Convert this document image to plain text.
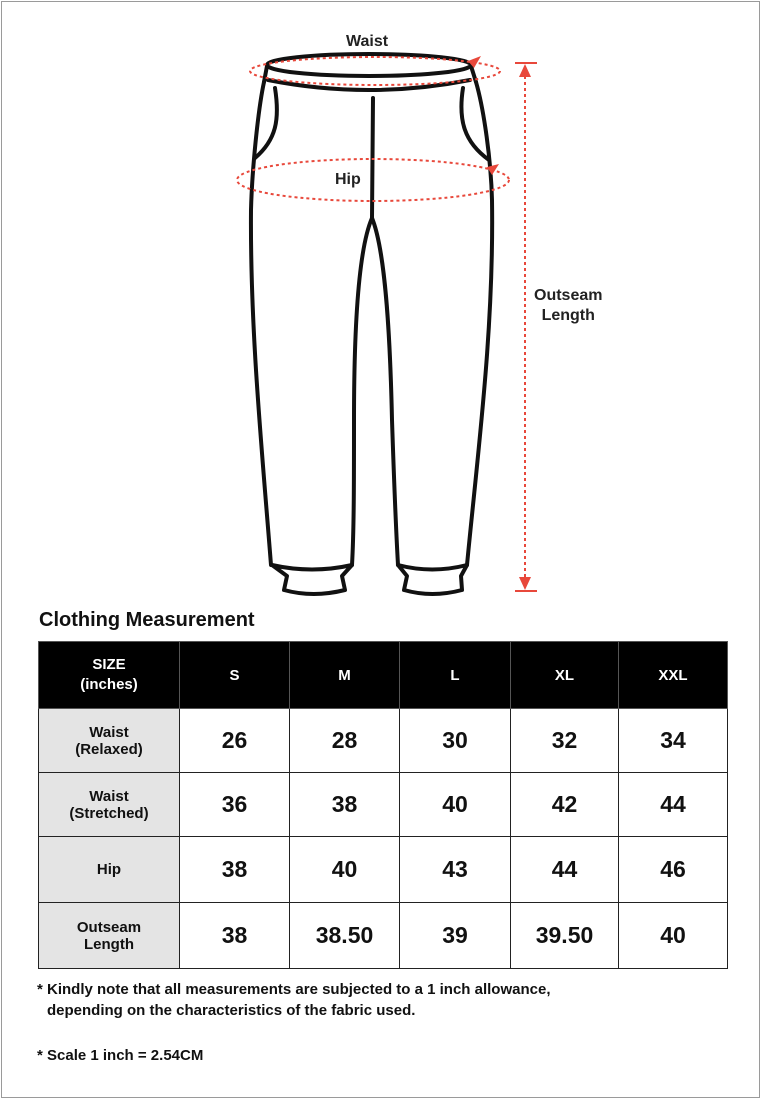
Waist
Hip
Outseam
Length
Clothing Measurement
SIZE
(inches)	S	M	L	XL	XXL
Waist
(Relaxed)	26	28	30	32	34
Waist
(Stretched)	36	38	40	42	44
Hip	38	40	43	44	46
Outseam
Length	38	38.50	39	39.50	40
* Kindly note that all measurements are subjected to a 1 inch allowance,
depending on the characteristics of the fabric used.
* Scale 1 inch = 2.54CM
